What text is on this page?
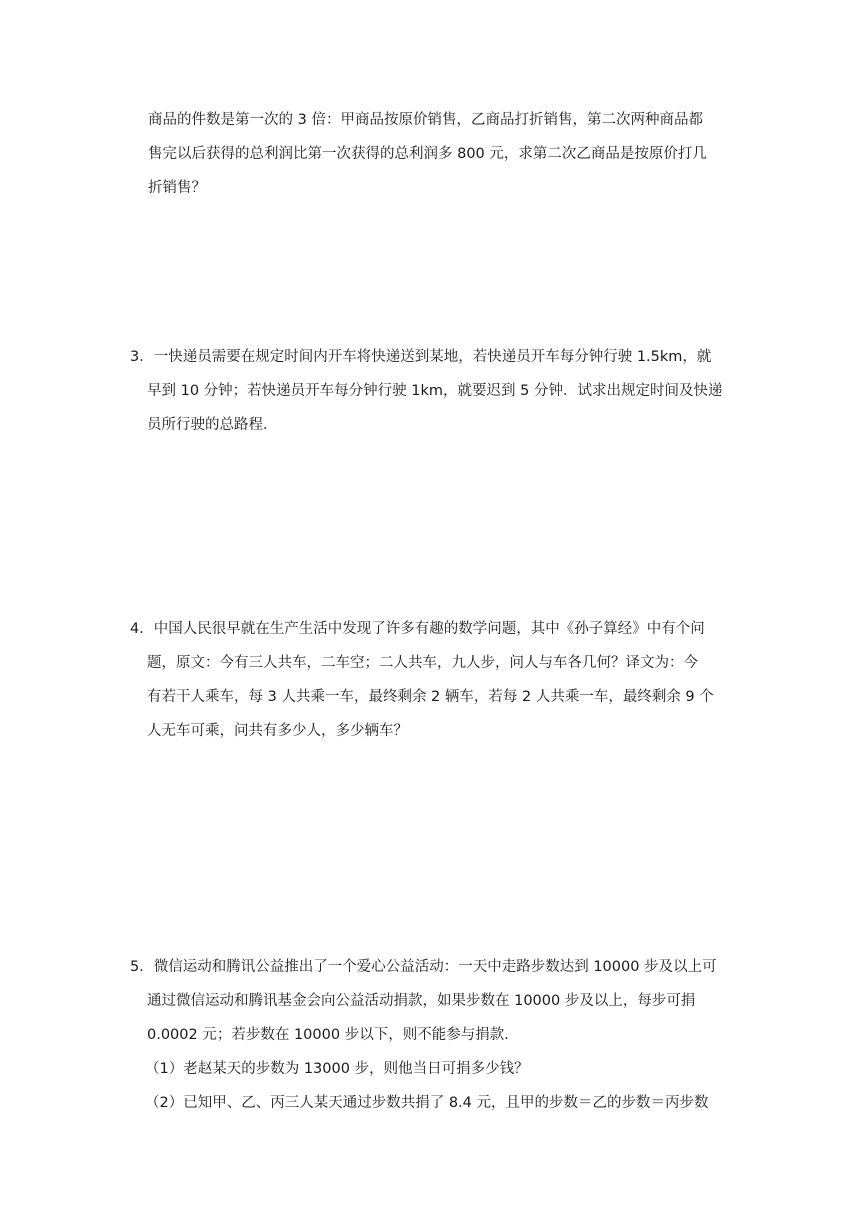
商品的件数是第一次的 3 倍：甲商品按原价销售，乙商品打折销售，第二次两种商品都
售完以后获得的总利润比第一次获得的总利润多 800 元，求第二次乙商品是按原价打几
折销售？
3．一快递员需要在规定时间内开车将快递送到某地，若快递员开车每分钟行驶 1.5km，就
早到 10 分钟；若快递员开车每分钟行驶 1km，就要迟到 5 分钟．试求出规定时间及快递
员所行驶的总路程．
4．中国人民很早就在生产生活中发现了许多有趣的数学问题，其中《孙子算经》中有个问
题，原文：今有三人共车，二车空；二人共车，九人步，问人与车各几何？译文为：今
有若干人乘车，每 3 人共乘一车，最终剩余 2 辆车，若每 2 人共乘一车，最终剩余 9 个
人无车可乘，问共有多少人，多少辆车？
5．微信运动和腾讯公益推出了一个爱心公益活动：一天中走路步数达到 10000 步及以上可
通过微信运动和腾讯基金会向公益活动捐款，如果步数在 10000 步及以上，每步可捐
0.0002 元；若步数在 10000 步以下，则不能参与捐款．
（1）老赵某天的步数为 13000 步，则他当日可捐多少钱？
（2）已知甲、乙、丙三人某天通过步数共捐了 8.4 元，且甲的步数＝乙的步数＝丙步数
